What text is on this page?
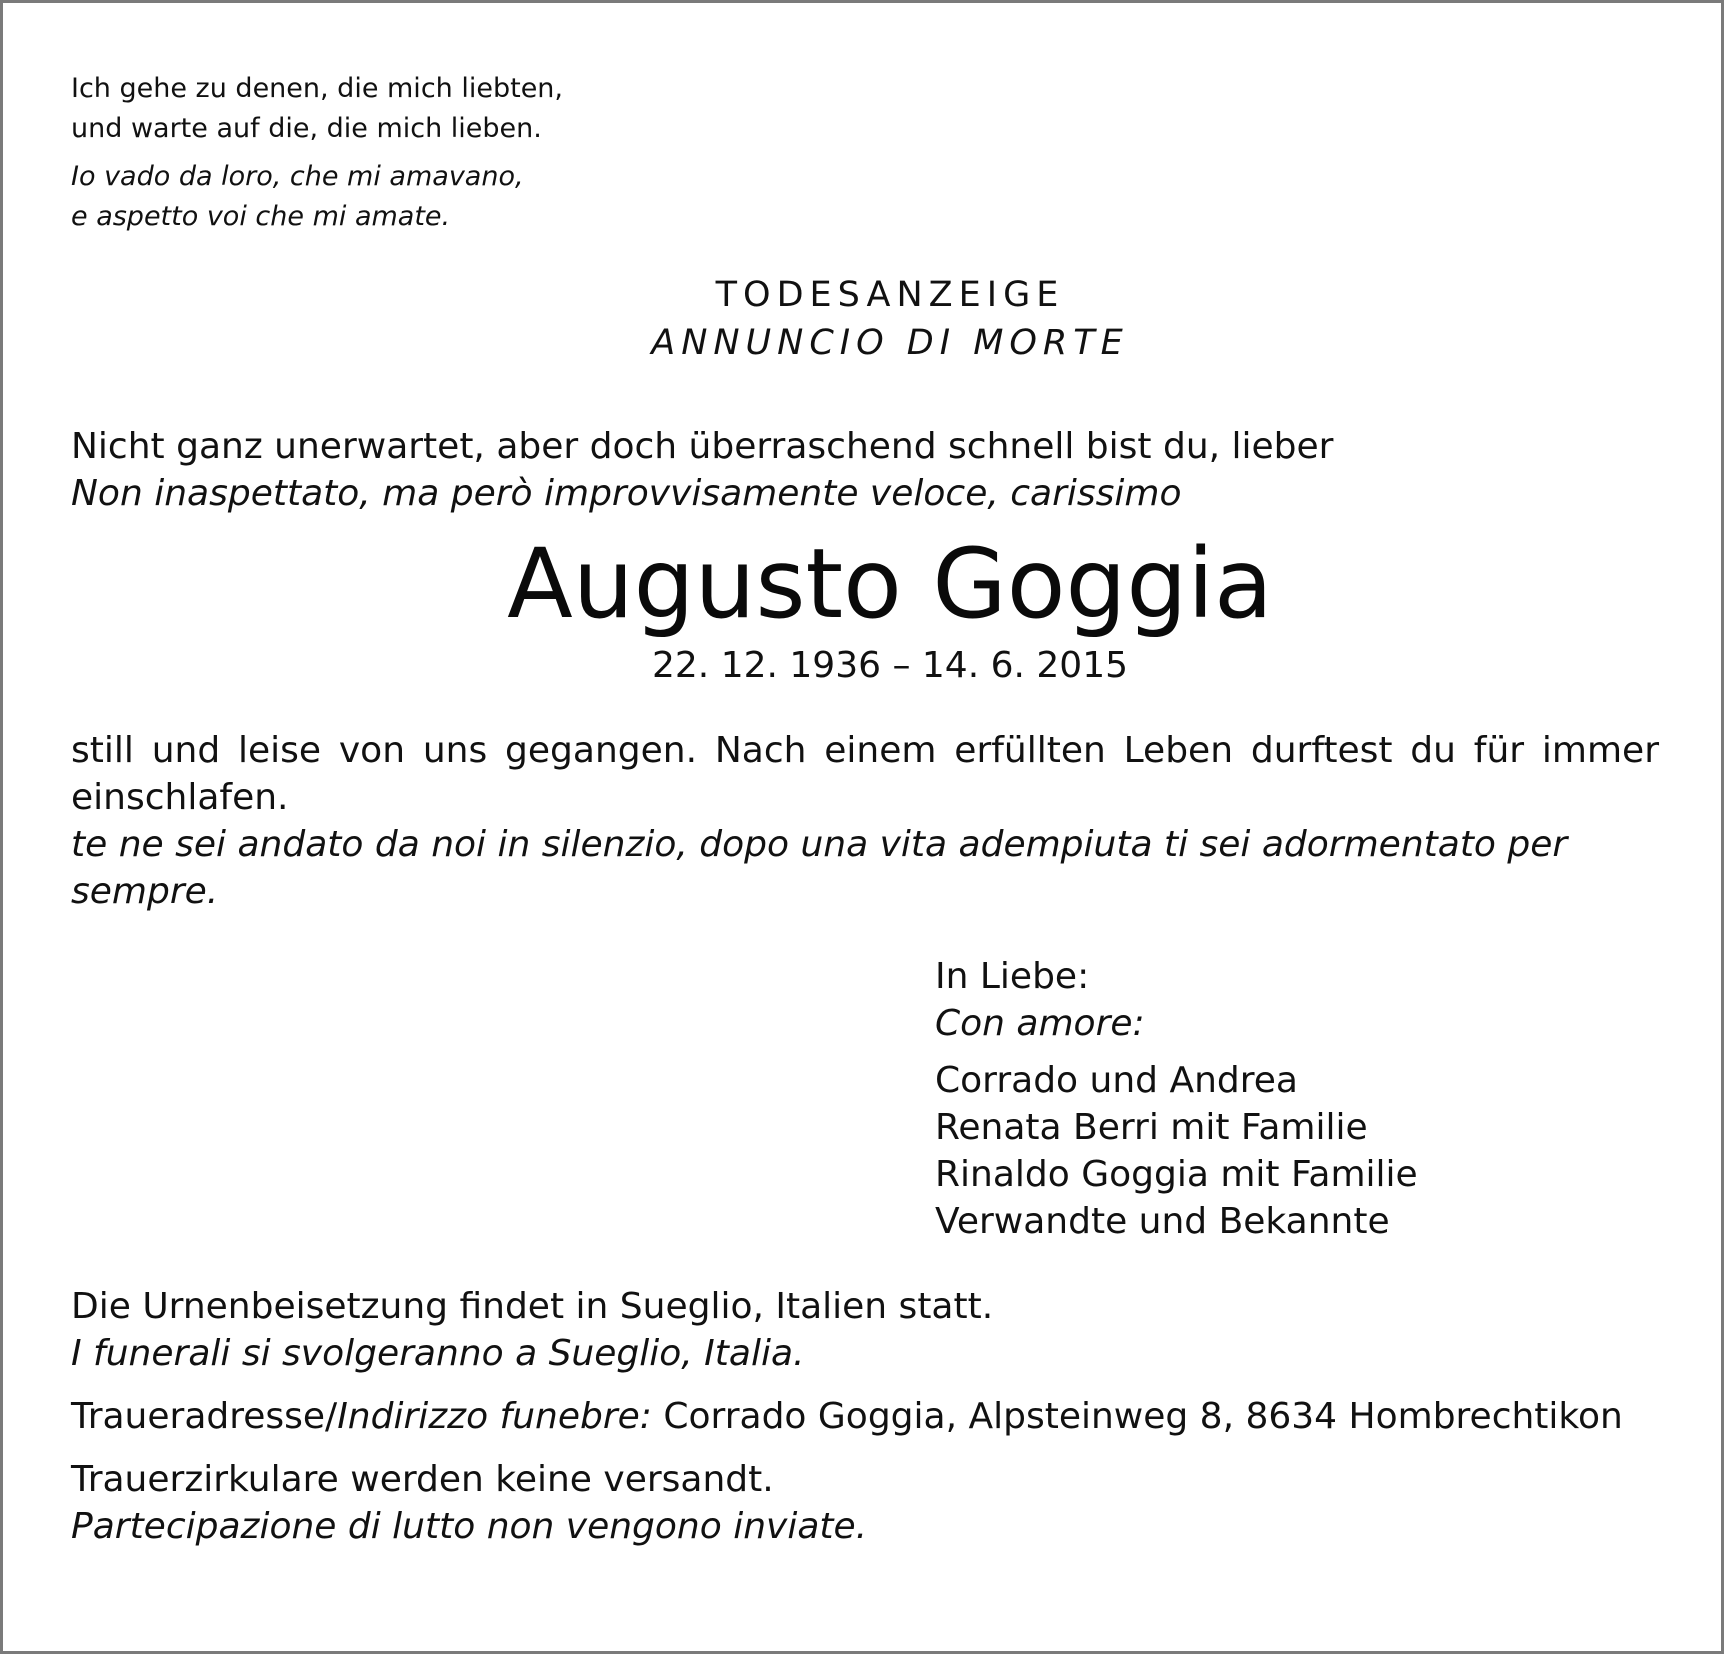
Ich gehe zu denen, die mich liebten,
und warte auf die, die mich lieben.
Io vado da loro, che mi amavano,
e aspetto voi che mi amate.
TODESANZEIGE
ANNUNCIO DI MORTE
Nicht ganz unerwartet, aber doch überraschend schnell bist du, lieber
Non inaspettato, ma però improvvisamente veloce, carissimo
Augusto Goggia
22. 12. 1936 – 14. 6. 2015
still und leise von uns gegangen. Nach einem erfüllten Leben durftest du für immer einschlafen.
te ne sei andato da noi in silenzio, dopo una vita adempiuta ti sei adormentato per sempre.
In Liebe:
Con amore:
Corrado und Andrea
Renata Berri mit Familie
Rinaldo Goggia mit Familie
Verwandte und Bekannte
Die Urnenbeisetzung findet in Sueglio, Italien statt.
I funerali si svolgeranno a Sueglio, Italia.
Traueradresse/Indirizzo funebre: Corrado Goggia, Alpsteinweg 8, 8634 Hombrechtikon
Trauerzirkulare werden keine versandt.
Partecipazione di lutto non vengono inviate.
